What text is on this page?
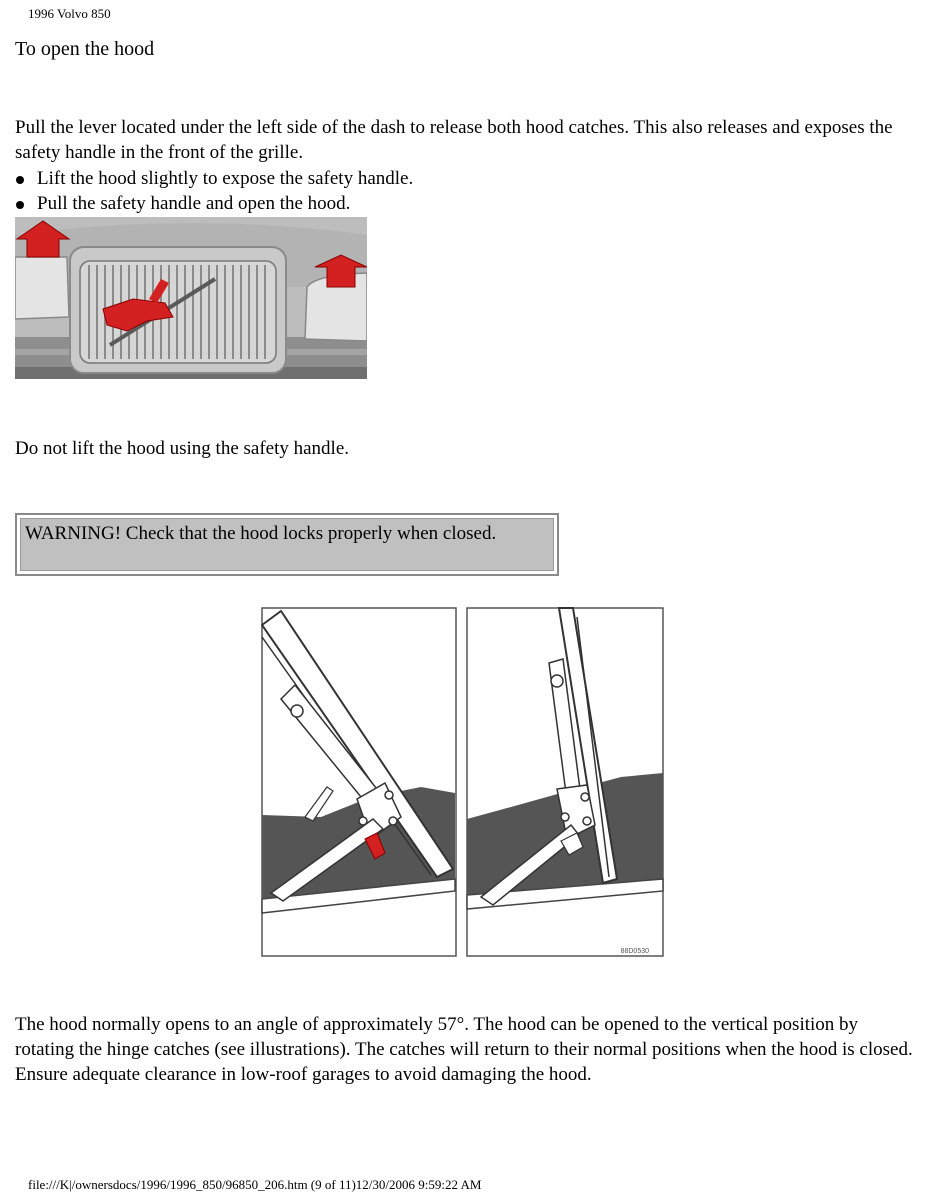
1996 Volvo 850
To open the hood
Pull the lever located under the left side of the dash to release both hood catches. This also releases and exposes the safety handle in the front of the grille.
Lift the hood slightly to expose the safety handle.
Pull the safety handle and open the hood.
Do not lift the hood using the safety handle.
WARNING! Check that the hood locks properly when closed.
88D0530
The hood normally opens to an angle of approximately 57°. The hood can be opened to the vertical position by rotating the hinge catches (see illustrations). The catches will return to their normal positions when the hood is closed. Ensure adequate clearance in low-roof garages to avoid damaging the hood.
file:///K|/ownersdocs/1996/1996_850/96850_206.htm (9 of 11)12/30/2006 9:59:22 AM
